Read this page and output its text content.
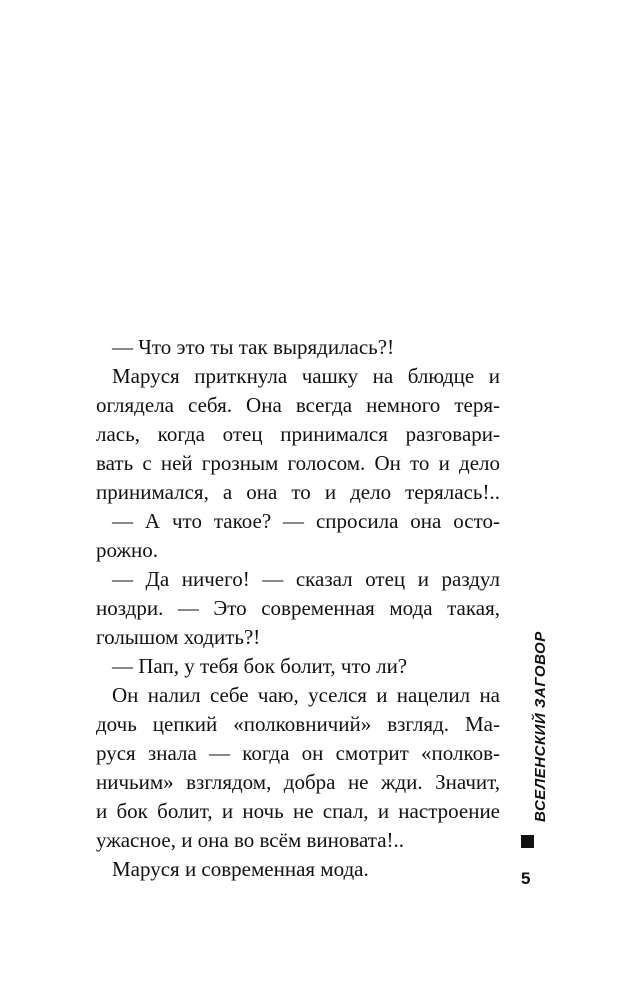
— Что это ты так вырядилась?!
Маруся приткнула чашку на блюдце и
оглядела себя. Она всегда немного теря-
лась, когда отец принимался разговари-
вать с ней грозным голосом. Он то и дело
принимался, а она то и дело терялась!..
— А что такое? — спросила она осто-
рожно.
— Да ничего! — сказал отец и раздул
ноздри. — Это современная мода такая,
голышом ходить?!
— Пап, у тебя бок болит, что ли?
Он налил себе чаю, уселся и нацелил на
дочь цепкий «полковничий» взгляд. Ма-
руся знала — когда он смотрит «полков-
ничьим» взглядом, добра не жди. Значит,
и бок болит, и ночь не спал, и настроение
ужасное, и она во всём виновата!..
Маруся и современная мода.
ВСЕЛЕНСКИЙ ЗАГОВОР
5
